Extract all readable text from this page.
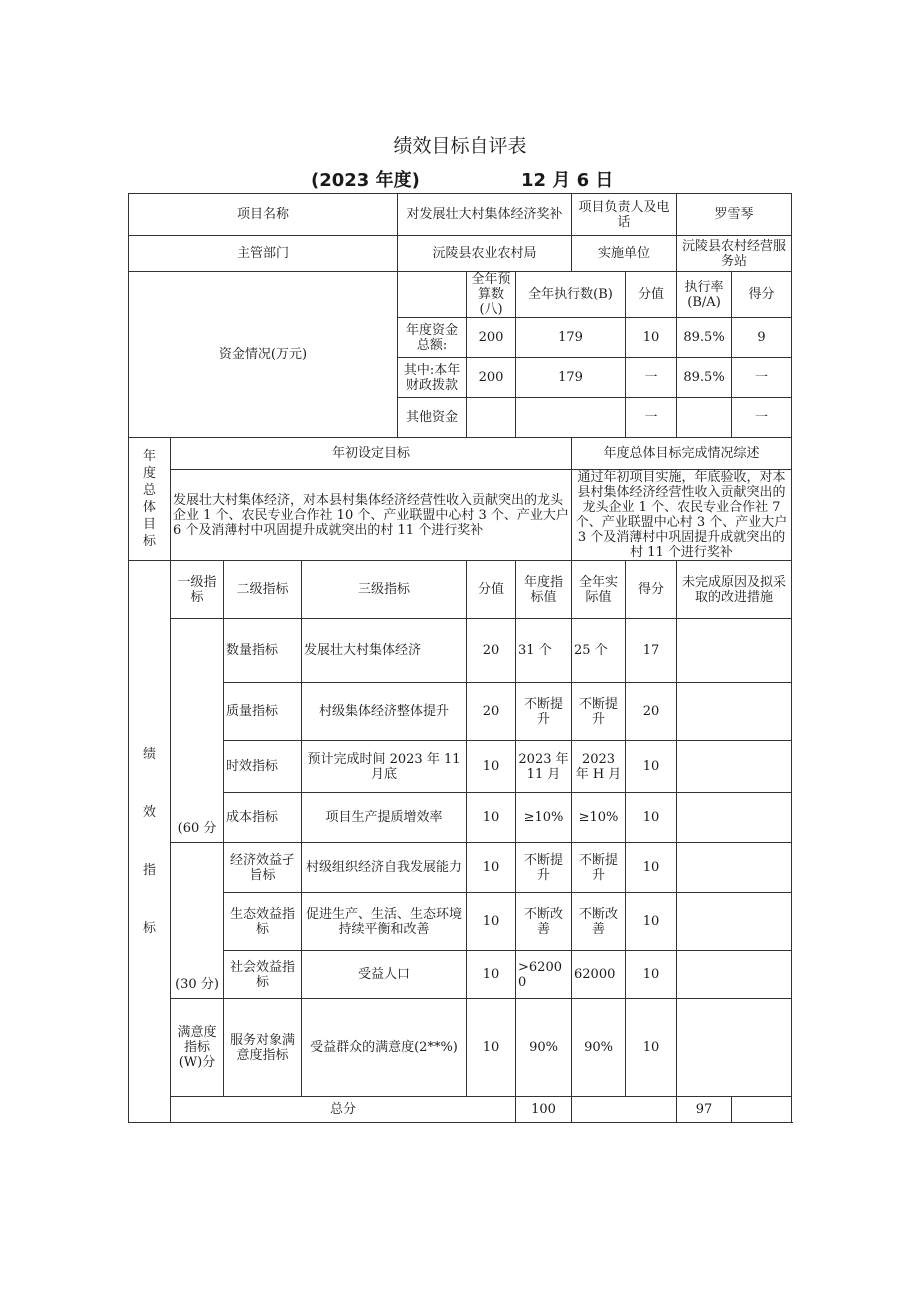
绩效目标自评表
(2023 年度)	12 月 6 日
项目名称				对发展壮大村集体经济奖补			项目负责人及电话		罗雪琴	
主管部门				沅陵县农业农村局			实施单位		沅陵县农村经营服务站	
资金情况(万元)					全年预算数(八)	全年执行数(B)		分值	执行率(B/A)	得分
				年度资金总额:	200	179		10	89.5%	9
				其中:本年财政拨款	200	179		一	89.5%	一
				其他资金				一		一

年度总体目标	年初设定目标						年度总体目标完成情况综述			
	发展壮大村集体经济，对本县村集体经济经营性收入贡献突出的龙头企业 1 个、农民专业合作社 10 个、产业联盟中心村 3 个、产业大户 6 个及消薄村中巩固提升成就突出的村 11 个进行奖补						通过年初项目实施，年底验收，对本县村集体经济经营性收入贡献突出的龙头企业 1 个、农民专业合作社 7 个、产业联盟中心村 3 个、产业大户 3 个及消薄村中巩固提升成就突出的村 11 个进行奖补			

绩效指标	一级指标	二级指标	三级指标		分值	年度指标值	全年实际值	得分	未完成原因及拟采取的改进措施	
	(60 分	数量指标	发展壮大村集体经济		20	31 个	25 个	17		
		质量指标	村级集体经济整体提升		20	不断提升	不断提升	20		
		时效指标	预计完成时间 2023 年 11 月底		10	2023 年 11 月	2023 年 H 月	10		
		成本指标	项目生产提质增效率		10	≥10%	≥10%	10		
	(30 分)	经济效益孑旨标	村级组织经济自我发展能力		10	不断提升	不断提升	10		
		生态效益指标	促进生产、生活、生态环境持续平衡和改善		10	不断改善	不断改善	10		
		社会效益指标	受益人口		10	>62000	62000	10		
	满意度指标(W)分	服务对象满意度指标	受益群众的满意度(2**%)		10	90%	90%	10		
	总分					100			97	
